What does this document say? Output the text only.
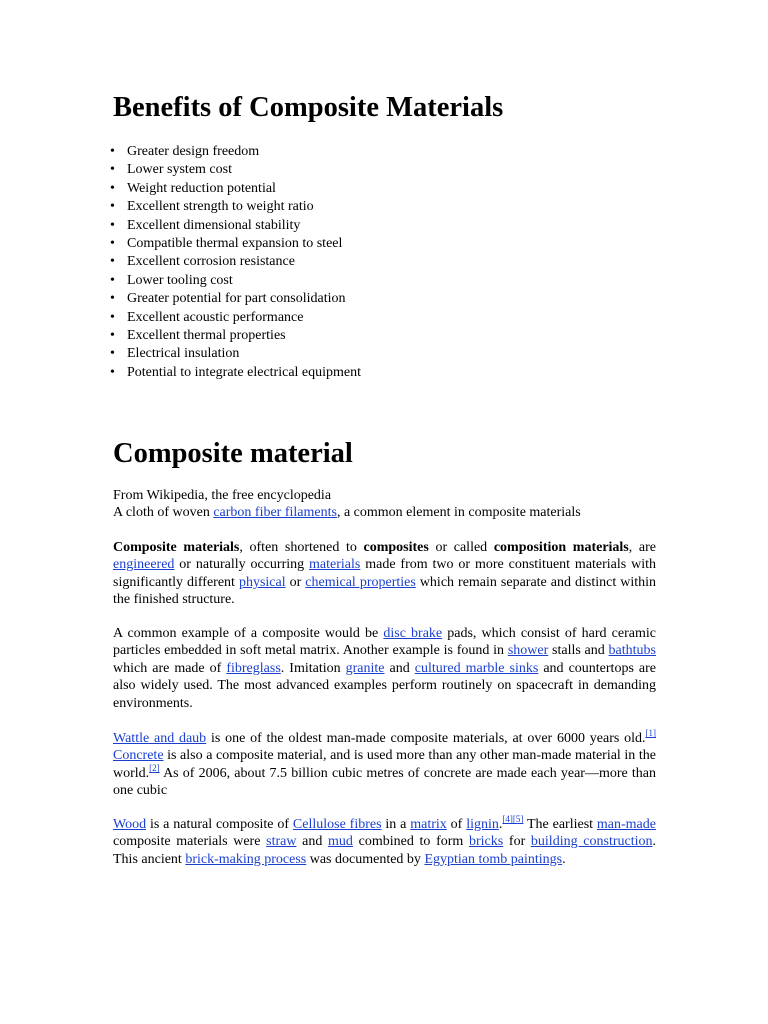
Benefits of Composite Materials
• Greater design freedom
• Lower system cost
• Weight reduction potential
• Excellent strength to weight ratio
• Excellent dimensional stability
• Compatible thermal expansion to steel
• Excellent corrosion resistance
• Lower tooling cost
• Greater potential for part consolidation
• Excellent acoustic performance
• Excellent thermal properties
• Electrical insulation
• Potential to integrate electrical equipment
Composite material

From Wikipedia, the free encyclopedia

A cloth of woven carbon fiber filaments, a common element in composite materials

Composite materials, often shortened to composites or called composition materials, are engineered or naturally occurring materials made from two or more constituent materials with significantly different physical or chemical properties which remain separate and distinct within the finished structure.

A common example of a composite would be disc brake pads, which consist of hard ceramic particles embedded in soft metal matrix. Another example is found in shower stalls and bathtubs which are made of fibreglass. Imitation granite and cultured marble sinks and countertops are also widely used. The most advanced examples perform routinely on spacecraft in demanding environments.

Wattle and daub is one of the oldest man-made composite materials, at over 6000 years old.[1] Concrete is also a composite material, and is used more than any other man-made material in the world.[2] As of 2006, about 7.5 billion cubic metres of concrete are made each year—more than one cubic

Wood is a natural composite of Cellulose fibres in a matrix of lignin.[4][5] The earliest man-made composite materials were straw and mud combined to form bricks for building construction. This ancient brick-making process was documented by Egyptian tomb paintings.
